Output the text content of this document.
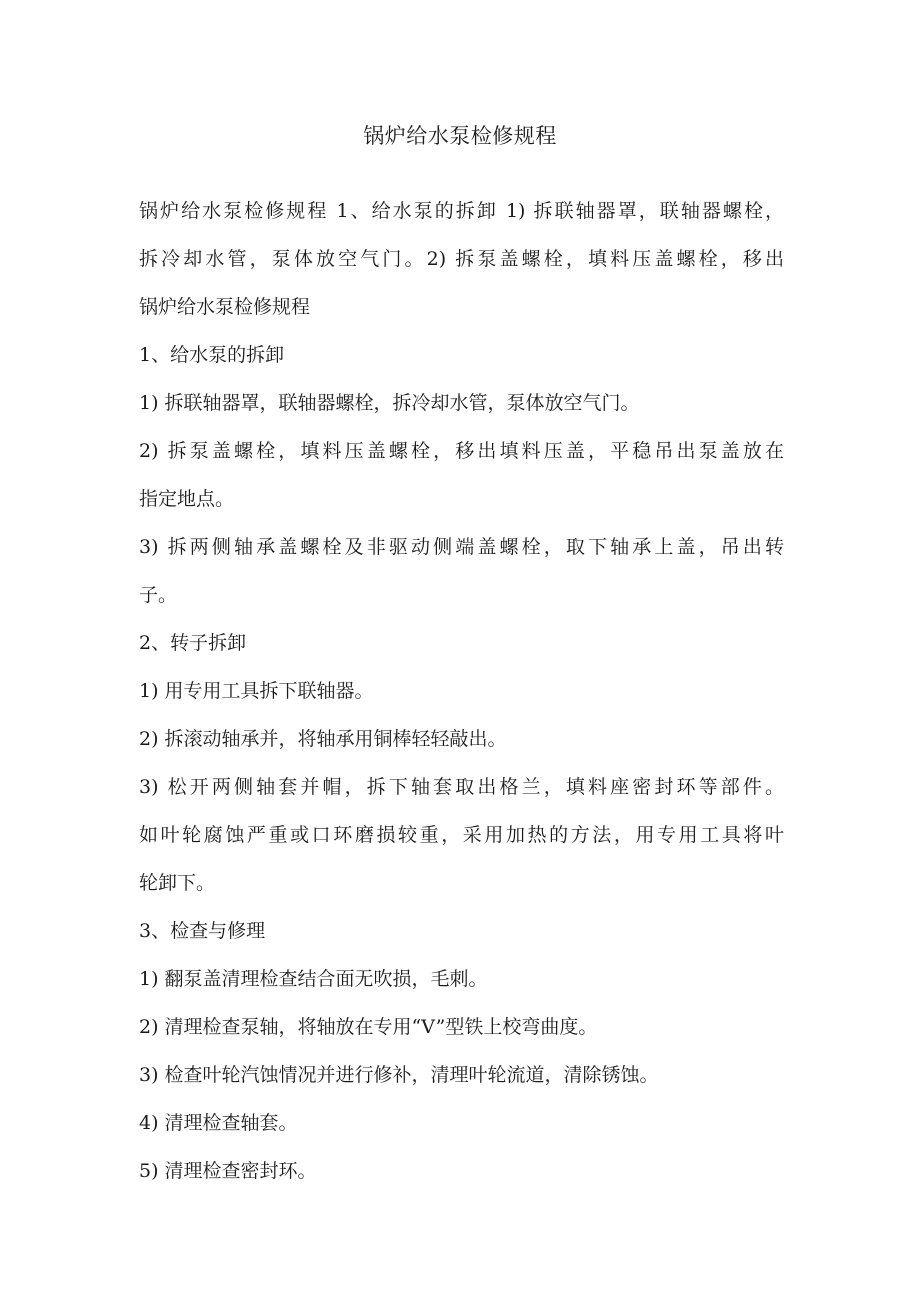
锅炉给水泵检修规程
锅炉给水泵检修规程 1、给水泵的拆卸 1) 拆联轴器罩，联轴器螺栓，
拆冷却水管，泵体放空气门。2) 拆泵盖螺栓，填料压盖螺栓，移出
锅炉给水泵检修规程
1、给水泵的拆卸
1) 拆联轴器罩，联轴器螺栓，拆冷却水管，泵体放空气门。
2) 拆泵盖螺栓，填料压盖螺栓，移出填料压盖，平稳吊出泵盖放在
指定地点。
3) 拆两侧轴承盖螺栓及非驱动侧端盖螺栓，取下轴承上盖，吊出转
子。
2、转子拆卸
1) 用专用工具拆下联轴器。
2) 拆滚动轴承并，将轴承用铜棒轻轻敲出。
3) 松开两侧轴套并帽，拆下轴套取出格兰，填料座密封环等部件。
如叶轮腐蚀严重或口环磨损较重，采用加热的方法，用专用工具将叶
轮卸下。
3、检查与修理
1) 翻泵盖清理检查结合面无吹损，毛刺。
2) 清理检查泵轴，将轴放在专用“V”型铁上校弯曲度。
3) 检查叶轮汽蚀情况并进行修补，清理叶轮流道，清除锈蚀。
4) 清理检查轴套。
5) 清理检查密封环。
